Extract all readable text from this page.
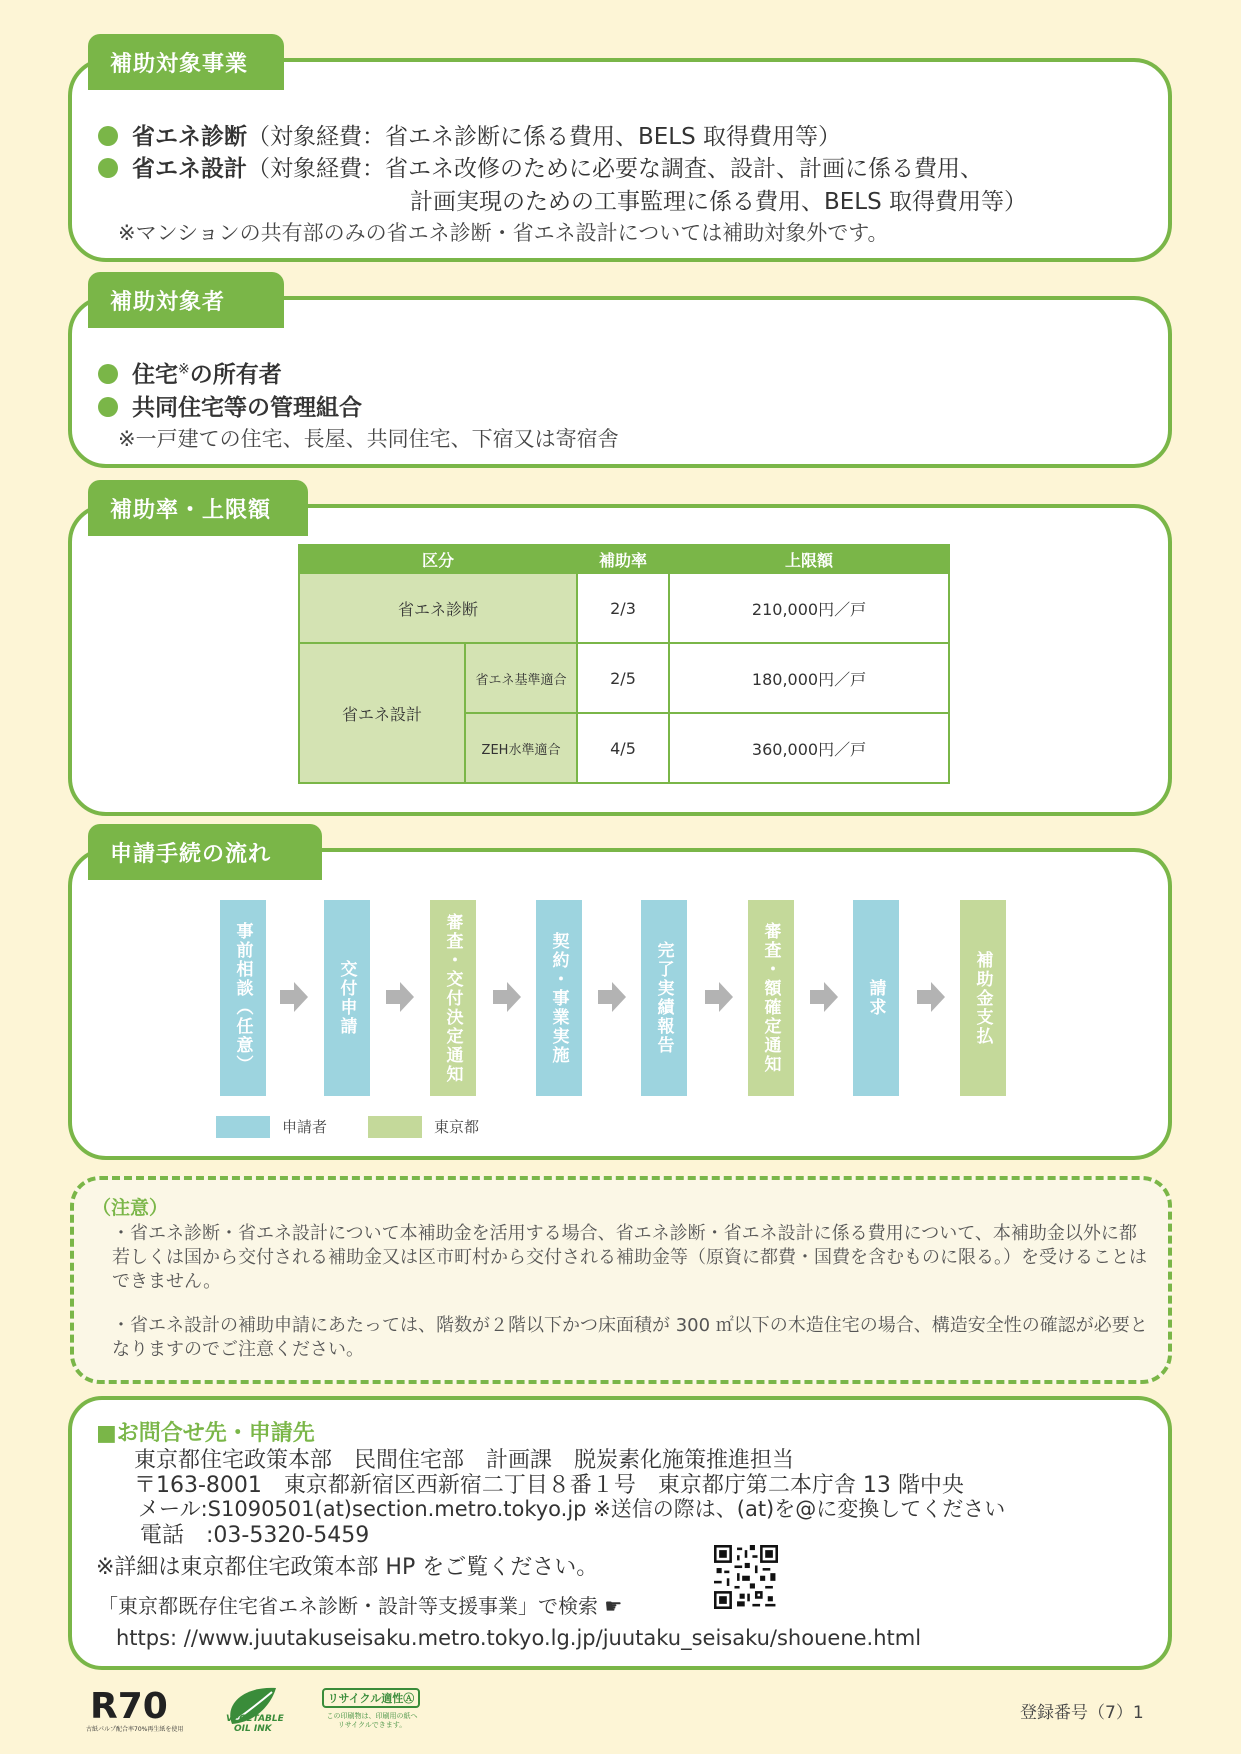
補助対象事業
省エネ診断（対象経費：省エネ診断に係る費用、BELS 取得費用等）
省エネ設計（対象経費：省エネ改修のために必要な調査、設計、計画に係る費用、
計画実現のための工事監理に係る費用、BELS 取得費用等）
※マンションの共有部のみの省エネ診断・省エネ設計については補助対象外です。
補助対象者
住宅※の所有者
共同住宅等の管理組合
※一戸建ての住宅、長屋、共同住宅、下宿又は寄宿舎
補助率・上限額
区分		補助率	上限額
省エネ診断		2/3	210,000円／戸
省エネ設計	省エネ基準適合	2/5	180,000円／戸
	ZEH水準適合	4/5	360,000円／戸
申請手続の流れ
事前相談（任意）	交付申請	審査・交付決定通知	契約・事業実施	完了実績報告	審査・額確定通知	請求	補助金支払
申請者	東京都
（注意）
・省エネ診断・省エネ設計について本補助金を活用する場合、省エネ診断・省エネ設計に係る費用について、本補助金以外に都若しくは国から交付される補助金又は区市町村から交付される補助金等（原資に都費・国費を含むものに限る。）を受けることはできません。
・省エネ設計の補助申請にあたっては、階数が２階以下かつ床面積が 300 ㎡以下の木造住宅の場合、構造安全性の確認が必要となりますのでご注意ください。
■お問合せ先・申請先
東京都住宅政策本部　民間住宅部　計画課　脱炭素化施策推進担当
〒163-8001　東京都新宿区西新宿二丁目８番１号　東京都庁第二本庁舎 13 階中央
メール:S1090501(at)section.metro.tokyo.jp ※送信の際は、(at)を@に変換してください
電話　:03-5320-5459
※詳細は東京都住宅政策本部 HP をご覧ください。
「東京都既存住宅省エネ診断・設計等支援事業」で検索 ☛
https: //www.juutakuseisaku.metro.tokyo.lg.jp/juutaku_seisaku/shouene.html
R70
古紙パルプ配合率70%再生紙を使用
VEGETABLE
OIL INK
リサイクル適性Ⓐ
この印刷物は、印刷用の紙へ
リサイクルできます。
登録番号（7）1
